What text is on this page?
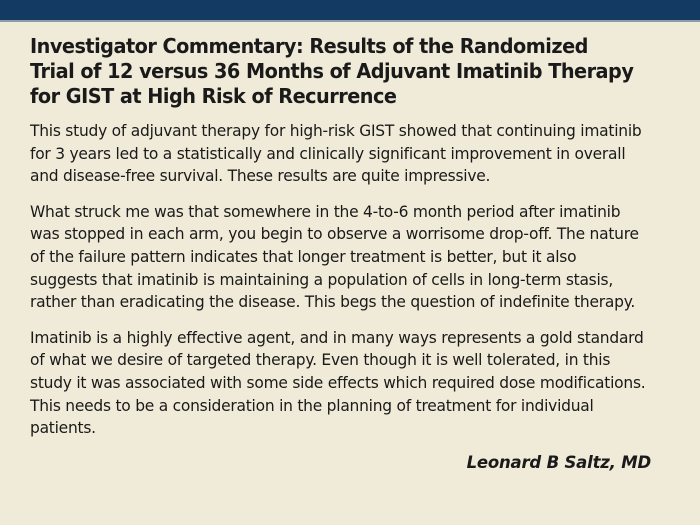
Investigator Commentary: Results of the Randomized Trial of 12 versus 36 Months of Adjuvant Imatinib Therapy for GIST at High Risk of Recurrence

This study of adjuvant therapy for high-risk GIST showed that continuing imatinib for 3 years led to a statistically and clinically significant improvement in overall and disease-free survival. These results are quite impressive.

What struck me was that somewhere in the 4-to-6 month period after imatinib was stopped in each arm, you begin to observe a worrisome drop-off. The nature of the failure pattern indicates that longer treatment is better, but it also suggests that imatinib is maintaining a population of cells in long-term stasis, rather than eradicating the disease. This begs the question of indefinite therapy.

Imatinib is a highly effective agent, and in many ways represents a gold standard of what we desire of targeted therapy. Even though it is well tolerated, in this study it was associated with some side effects which required dose modifications. This needs to be a consideration in the planning of treatment for individual patients.

Leonard B Saltz, MD
